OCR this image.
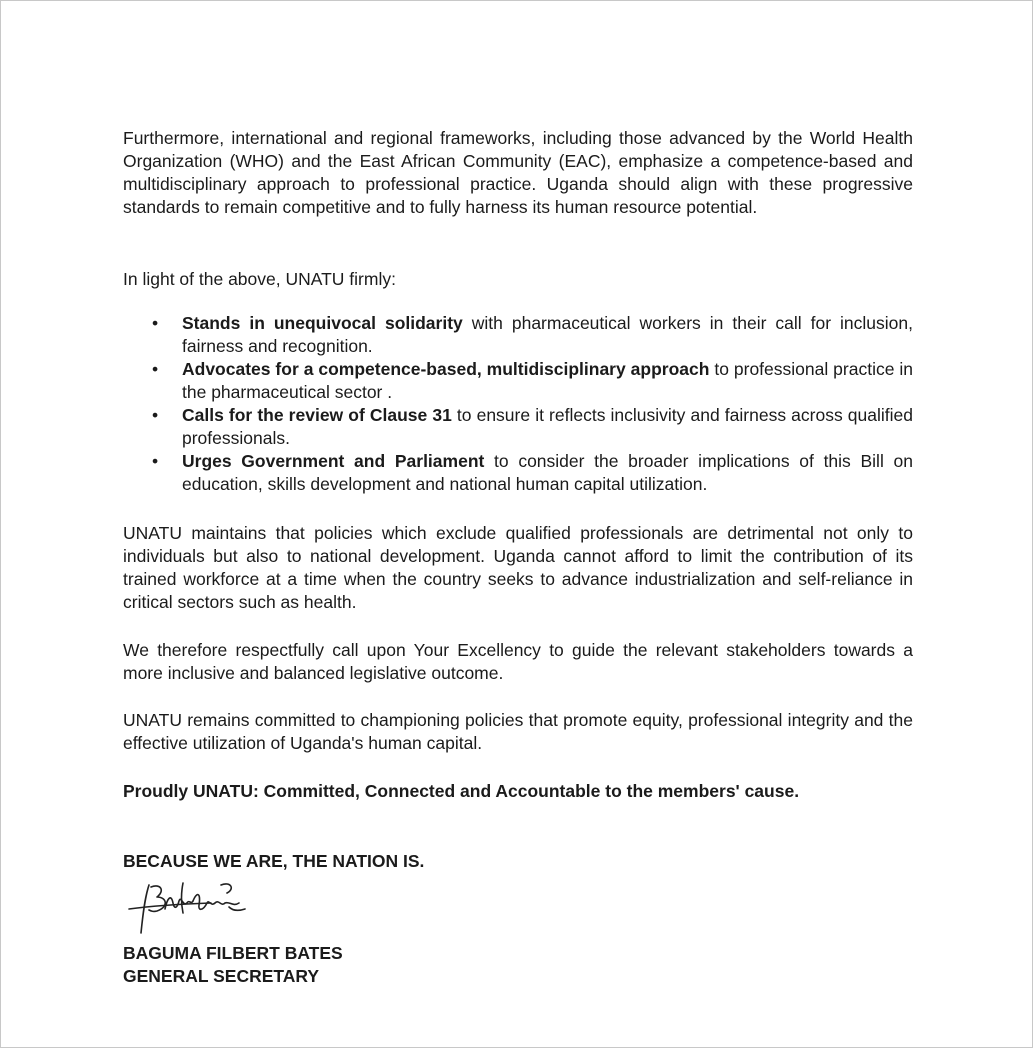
Furthermore, international and regional frameworks, including those advanced by the World Health Organization (WHO) and the East African Community (EAC), emphasize a competence-based and multidisciplinary approach to professional practice. Uganda should align with these progressive standards to remain competitive and to fully harness its human resource potential.

In light of the above, UNATU firmly:

• Stands in unequivocal solidarity with pharmaceutical workers in their call for inclusion, fairness and recognition.
• Advocates for a competence-based, multidisciplinary approach to professional practice in the pharmaceutical sector .
• Calls for the review of Clause 31 to ensure it reflects inclusivity and fairness across qualified professionals.
• Urges Government and Parliament to consider the broader implications of this Bill on education, skills development and national human capital utilization.

UNATU maintains that policies which exclude qualified professionals are detrimental not only to individuals but also to national development. Uganda cannot afford to limit the contribution of its trained workforce at a time when the country seeks to advance industrialization and self-reliance in critical sectors such as health.

We therefore respectfully call upon Your Excellency to guide the relevant stakeholders towards a more inclusive and balanced legislative outcome.

UNATU remains committed to championing policies that promote equity, professional integrity and the effective utilization of Uganda's human capital.

Proudly UNATU: Committed, Connected and Accountable to the members' cause.

BECAUSE WE ARE, THE NATION IS.

BAGUMA FILBERT BATES

GENERAL SECRETARY
